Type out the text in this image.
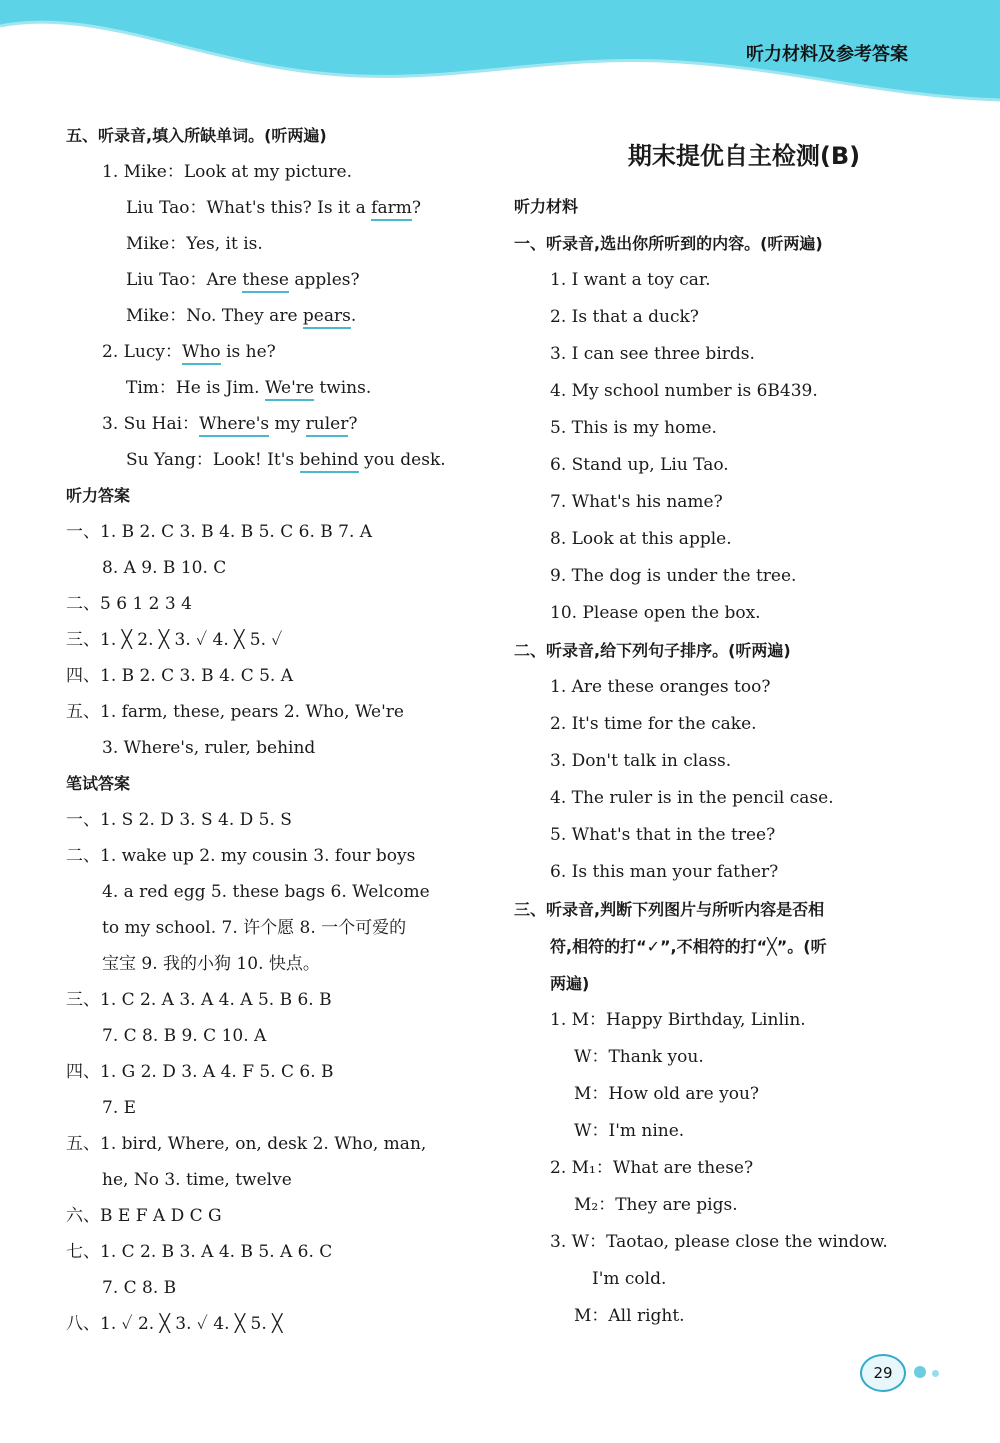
听力材料及参考答案
五、听录音,填入所缺单词。(听两遍)
1. Mike：Look at my picture.
Liu Tao：What's this? Is it a farm?
Mike：Yes, it is.
Liu Tao：Are these apples?
Mike：No. They are pears.
2. Lucy：Who is he?
Tim：He is Jim. We're twins.
3. Su Hai：Where's my ruler?
Su Yang：Look! It's behind you desk.
听力答案
一、1. B 2. C 3. B 4. B 5. C 6. B 7. A
8. A 9. B 10. C
二、5 6 1 2 3 4
三、1. ╳ 2. ╳ 3. ✓ 4. ╳ 5. ✓
四、1. B 2. C 3. B 4. C 5. A
五、1. farm, these, pears 2. Who, We're
3. Where's, ruler, behind
笔试答案
一、1. S 2. D 3. S 4. D 5. S
二、1. wake up 2. my cousin 3. four boys
4. a red egg 5. these bags 6. Welcome
to my school. 7. 许个愿 8. 一个可爱的
宝宝 9. 我的小狗 10. 快点。
三、1. C 2. A 3. A 4. A 5. B 6. B
7. C 8. B 9. C 10. A
四、1. G 2. D 3. A 4. F 5. C 6. B
7. E
五、1. bird, Where, on, desk 2. Who, man,
he, No 3. time, twelve
六、B E F A D C G
七、1. C 2. B 3. A 4. B 5. A 6. C
7. C 8. B
八、1. ✓ 2. ╳ 3. ✓ 4. ╳ 5. ╳
期末提优自主检测(B)
听力材料
一、听录音,选出你所听到的内容。(听两遍)
1. I want a toy car.
2. Is that a duck?
3. I can see three birds.
4. My school number is 6B439.
5. This is my home.
6. Stand up, Liu Tao.
7. What's his name?
8. Look at this apple.
9. The dog is under the tree.
10. Please open the box.
二、听录音,给下列句子排序。(听两遍)
1. Are these oranges too?
2. It's time for the cake.
3. Don't talk in class.
4. The ruler is in the pencil case.
5. What's that in the tree?
6. Is this man your father?
三、听录音,判断下列图片与所听内容是否相
符,相符的打“✓”,不相符的打“╳”。(听
两遍)
1. M：Happy Birthday, Linlin.
W：Thank you.
M：How old are you?
W：I'm nine.
2. M₁：What are these?
M₂：They are pigs.
3. W：Taotao, please close the window.
I'm cold.
M：All right.
29
